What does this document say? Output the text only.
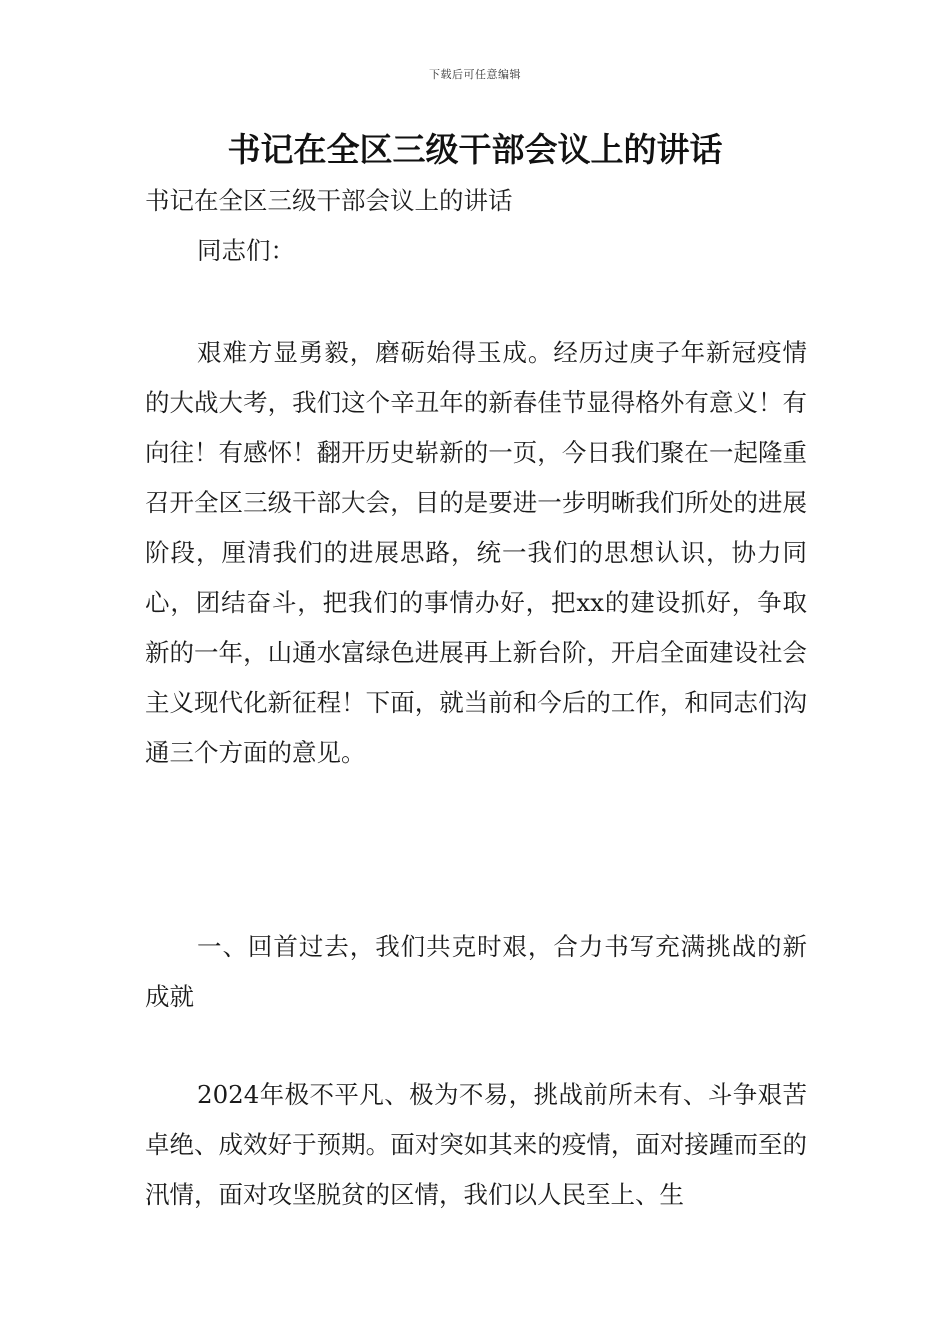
下载后可任意编辑
书记在全区三级干部会议上的讲话
书记在全区三级干部会议上的讲话
同志们：
艰难方显勇毅，磨砺始得玉成。经历过庚子年新冠疫情的大战大考，我们这个辛丑年的新春佳节显得格外有意义！有向往！有感怀！翻开历史崭新的一页，今日我们聚在一起隆重召开全区三级干部大会，目的是要进一步明晰我们所处的进展阶段，厘清我们的进展思路，统一我们的思想认识，协力同心，团结奋斗，把我们的事情办好，把xx的建设抓好，争取新的一年，山通水富绿色进展再上新台阶，开启全面建设社会主义现代化新征程！下面，就当前和今后的工作，和同志们沟通三个方面的意见。
一、回首过去，我们共克时艰，合力书写充满挑战的新成就
2024年极不平凡、极为不易，挑战前所未有、斗争艰苦卓绝、成效好于预期。面对突如其来的疫情，面对接踵而至的汛情，面对攻坚脱贫的区情，我们以人民至上、生
